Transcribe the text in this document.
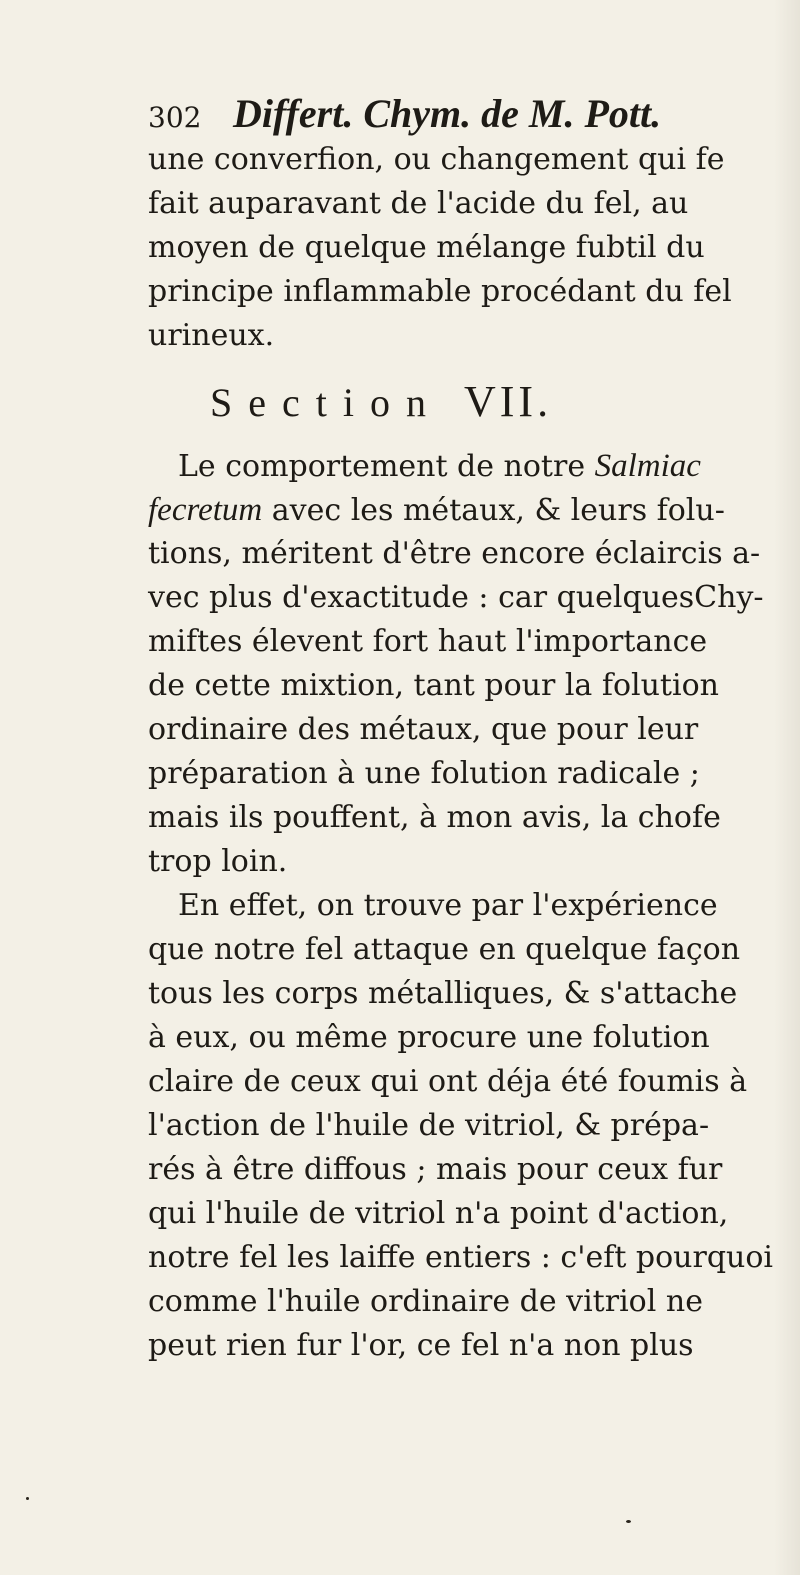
302 Differt. Chym. de M. Pott.
une converfion, ou changement qui fe
fait auparavant de l'acide du fel, au
moyen de quelque mélange fubtil du
principe inflammable procédant du fel
urineux.
Section VII.
Le comportement de notre Salmiac
fecretum avec les métaux, & leurs folu-
tions, méritent d'être encore éclaircis a-
vec plus d'exactitude : car quelquesChy-
miftes élevent fort haut l'importance
de cette mixtion, tant pour la folution
ordinaire des métaux, que pour leur
préparation à une folution radicale ;
mais ils pouffent, à mon avis, la chofe
trop loin.
En effet, on trouve par l'expérience
que notre fel attaque en quelque façon
tous les corps métalliques, & s'attache
à eux, ou même procure une folution
claire de ceux qui ont déja été foumis à
l'action de l'huile de vitriol, & prépa-
rés à être diffous ; mais pour ceux fur
qui l'huile de vitriol n'a point d'action,
notre fel les laiffe entiers : c'eft pourquoi
comme l'huile ordinaire de vitriol ne
peut rien fur l'or, ce fel n'a non plus
